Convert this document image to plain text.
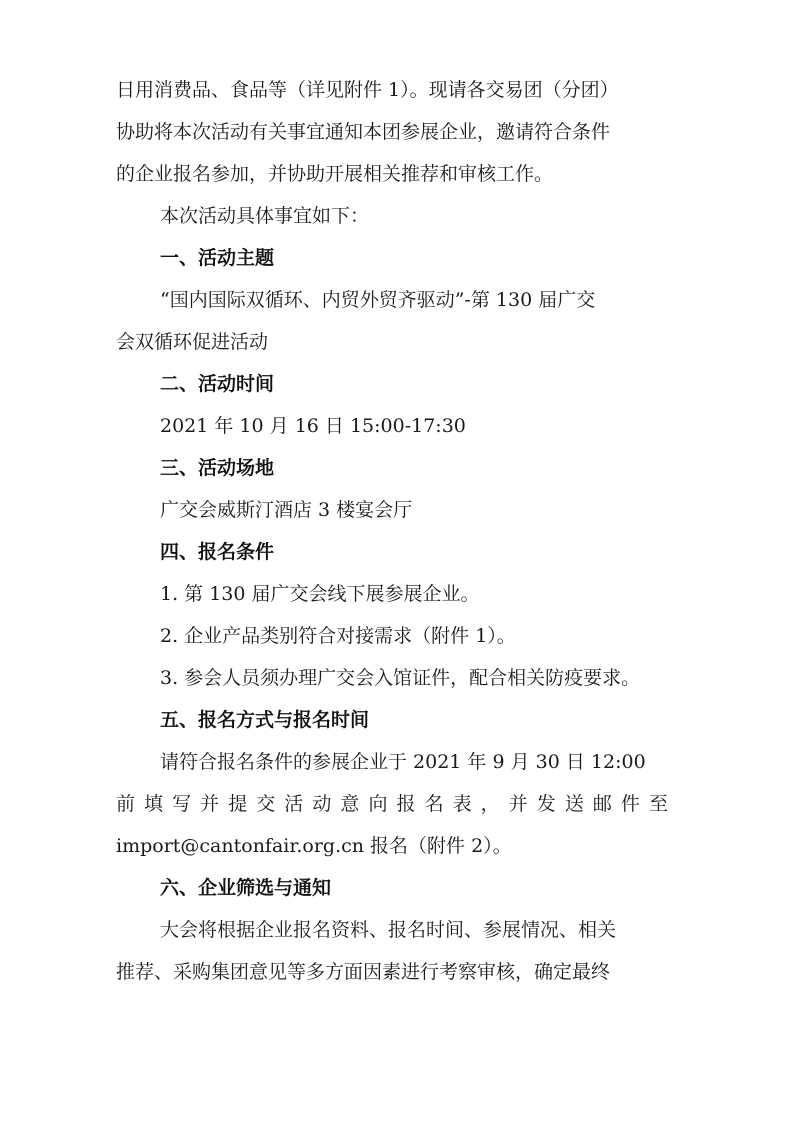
日用消费品、食品等（详见附件 1）。现请各交易团（分团）
协助将本次活动有关事宜通知本团参展企业，邀请符合条件
的企业报名参加，并协助开展相关推荐和审核工作。
本次活动具体事宜如下：
一、活动主题
“国内国际双循环、内贸外贸齐驱动”-第 130 届广交
会双循环促进活动
二、活动时间
2021 年 10 月 16 日 15:00-17:30
三、活动场地
广交会威斯汀酒店 3 楼宴会厅
四、报名条件
1. 第 130 届广交会线下展参展企业。
2. 企业产品类别符合对接需求（附件 1）。
3. 参会人员须办理广交会入馆证件，配合相关防疫要求。
五、报名方式与报名时间
请符合报名条件的参展企业于 2021 年 9 月 30 日 12:00
前填写并提交活动意向报名表，并发送邮件至
import@cantonfair.org.cn 报名（附件 2）。
六、企业筛选与通知
大会将根据企业报名资料、报名时间、参展情况、相关
推荐、采购集团意见等多方面因素进行考察审核，确定最终
